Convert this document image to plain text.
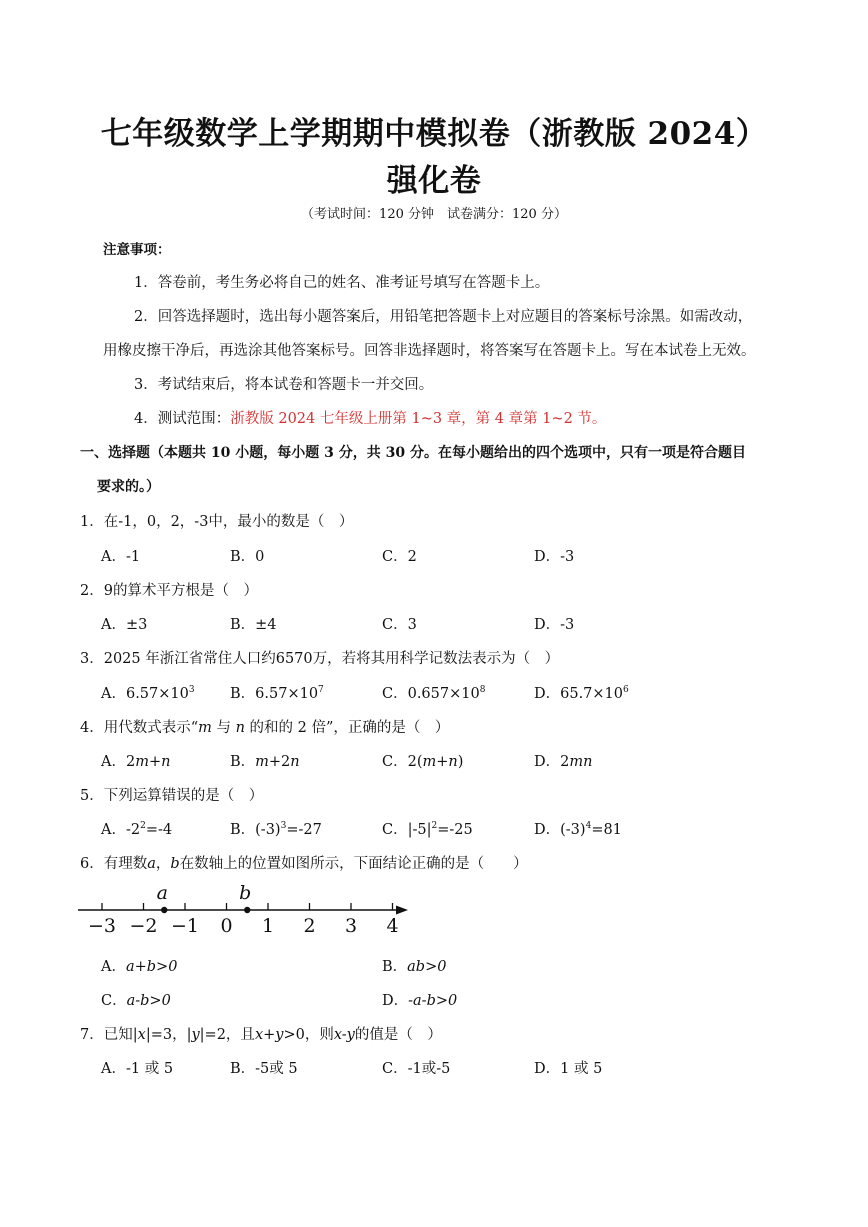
七年级数学上学期期中模拟卷（浙教版 2024）
强化卷
（考试时间：120 分钟　试卷满分：120 分）
注意事项：
1．答卷前，考生务必将自己的姓名、准考证号填写在答题卡上。
2．回答选择题时，选出每小题答案后，用铅笔把答题卡上对应题目的答案标号涂黑。如需改动，
用橡皮擦干净后，再选涂其他答案标号。回答非选择题时，将答案写在答题卡上。写在本试卷上无效。
3．考试结束后，将本试卷和答题卡一并交回。
4．测试范围：浙教版 2024 七年级上册第 1~3 章，第 4 章第 1~2 节。
一、选择题（本题共 10 小题，每小题 3 分，共 30 分。在每小题给出的四个选项中，只有一项是符合题目
要求的。）
1．在-1，0，2，-3中，最小的数是（　）
A．-1	B．0	C．2	D．-3
2．9的算术平方根是（　）
A．±3	B．±4	C．3	D．-3
3．2025 年浙江省常住人口约6570万，若将其用科学记数法表示为（　）
A．$6.57\times 10^3$ B．$6.57\times 10^7$	C．$0.657\times 10^8$	D．$65.7\times 10^6$
4．用代数式表示“m 与 n 的和的 2 倍”，正确的是（　）
A．2m+n	B．m+2n	C．2(m+n)	D．2mn
5．下列运算错误的是（　）
A．$-2^2=-4$	B．$(-3)^3=-27$	C．$|-5|^2=-25$	D．$(-3)^4=81$
6．有理数a，b在数轴上的位置如图所示，下面结论正确的是（　　）
−3 −2 −1 0 1 2 3 4
a	b
A．a+b>0	B．ab>0
C．a-b>0	D．-a-b>0
7．已知|x|=3，|y|=2，且x+y>0，则x-y的值是（　）
A．-1 或 5	B．-5或 5	C．-1或-5	D．1 或 5
